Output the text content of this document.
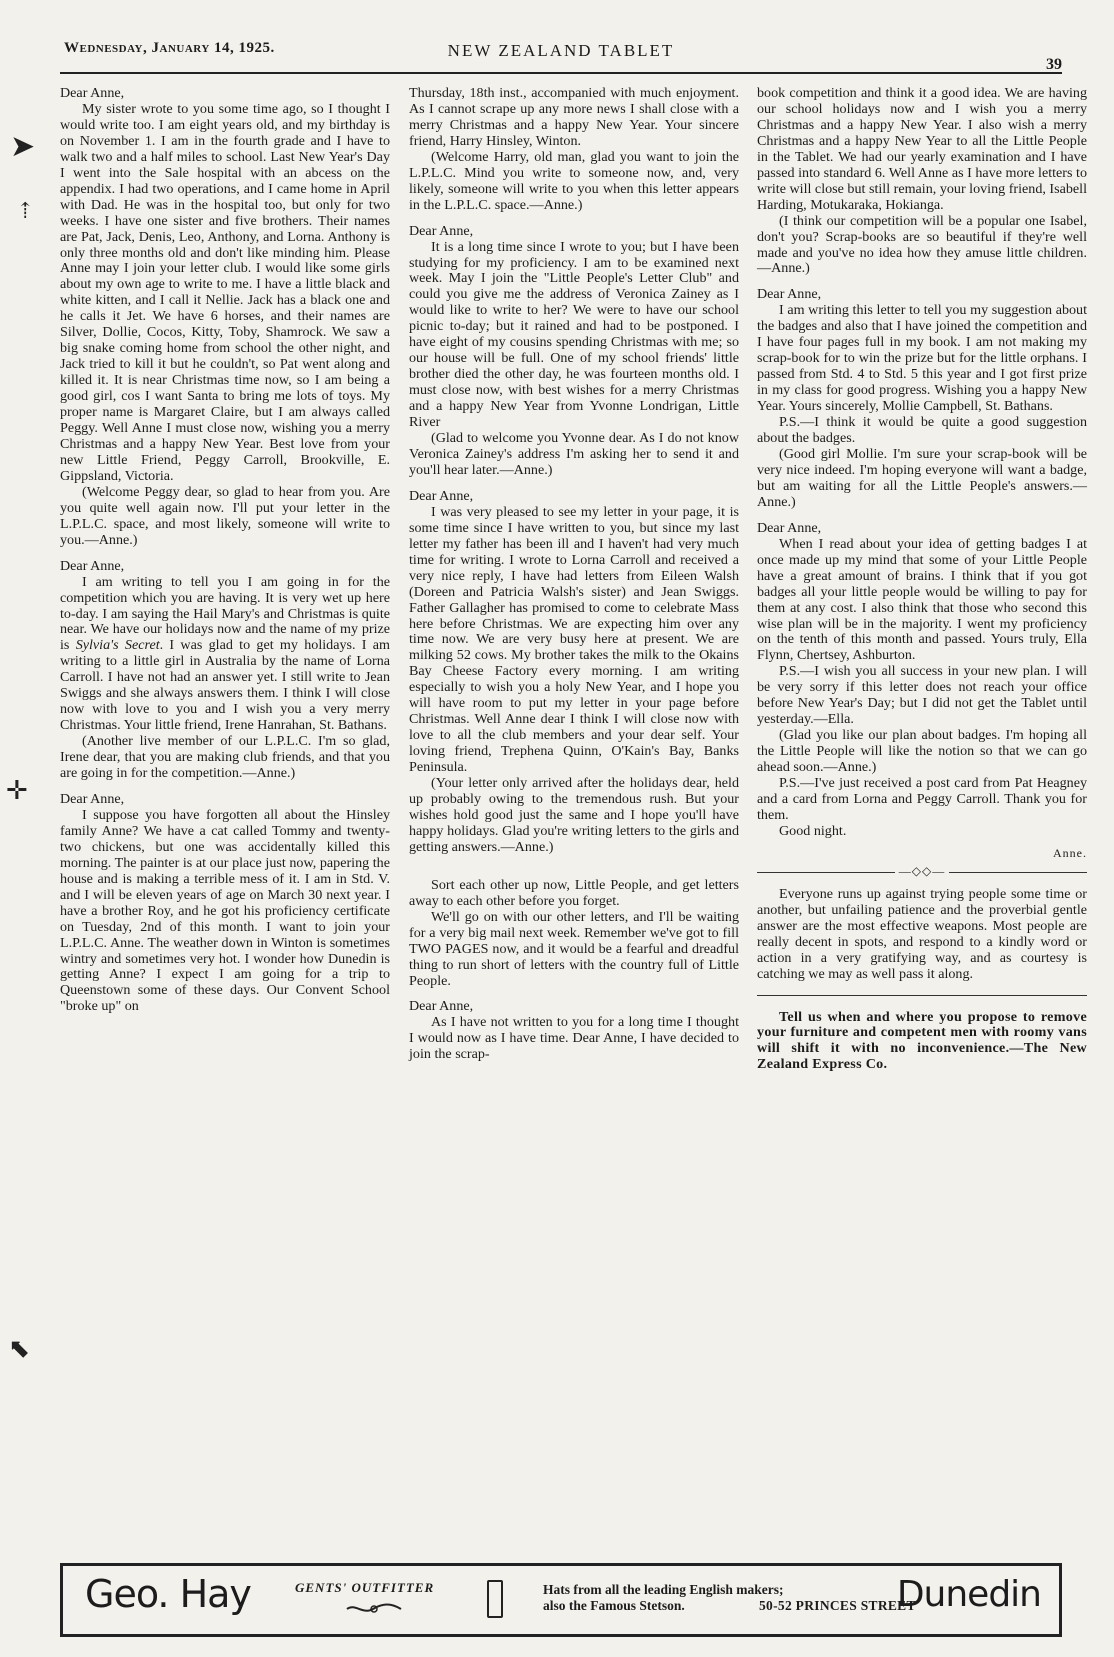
Wednesday, January 14, 1925.	NEW ZEALAND TABLET
39

Dear Anne,

My sister wrote to you some time ago, so I thought I would write too. I am eight years old, and my birthday is on November 1. I am in the fourth grade and I have to walk two and a half miles to school. Last New Year's Day I went into the Sale hospital with an abcess on the appendix. I had two operations, and I came home in April with Dad. He was in the hospital too, but only for two weeks. I have one sister and five brothers. Their names are Pat, Jack, Denis, Leo, Anthony, and Lorna. Anthony is only three months old and don't like minding him. Please Anne may I join your letter club. I would like some girls about my own age to write to me. I have a little black and white kitten, and I call it Nellie. Jack has a black one and he calls it Jet. We have 6 horses, and their names are Silver, Dollie, Cocos, Kitty, Toby, Shamrock. We saw a big snake coming home from school the other night, and Jack tried to kill it but he couldn't, so Pat went along and killed it. It is near Christmas time now, so I am being a good girl, cos I want Santa to bring me lots of toys. My proper name is Margaret Claire, but I am always called Peggy. Well Anne I must close now, wishing you a merry Christmas and a happy New Year. Best love from your new Little Friend, Peggy Carroll, Brookville, E. Gippsland, Victoria.

(Welcome Peggy dear, so glad to hear from you. Are you quite well again now. I'll put your letter in the L.P.L.C. space, and most likely, someone will write to you.—Anne.)

Dear Anne,

I am writing to tell you I am going in for the competition which you are having. It is very wet up here to-day. I am saying the Hail Mary's and Christmas is quite near. We have our holidays now and the name of my prize is Sylvia's Secret. I was glad to get my holidays. I am writing to a little girl in Australia by the name of Lorna Carroll. I have not had an answer yet. I still write to Jean Swiggs and she always answers them. I think I will close now with love to you and I wish you a very merry Christmas. Your little friend, Irene Hanrahan, St. Bathans.

(Another live member of our L.P.L.C. I'm so glad, Irene dear, that you are making club friends, and that you are going in for the competition.—Anne.)

Dear Anne,

I suppose you have forgotten all about the Hinsley family Anne? We have a cat called Tommy and twenty-two chickens, but one was accidentally killed this morning. The painter is at our place just now, papering the house and is making a terrible mess of it. I am in Std. V. and I will be eleven years of age on March 30 next year. I have a brother Roy, and he got his proficiency certificate on Tuesday, 2nd of this month. I want to join your L.P.L.C. Anne. The weather down in Winton is sometimes wintry and sometimes very hot. I wonder how Dunedin is getting Anne? I expect I am going for a trip to Queenstown some of these days. Our Convent School "broke up" on

Thursday, 18th inst., accompanied with much enjoyment. As I cannot scrape up any more news I shall close with a merry Christmas and a happy New Year. Your sincere friend, Harry Hinsley, Winton.

(Welcome Harry, old man, glad you want to join the L.P.L.C. Mind you write to someone now, and, very likely, someone will write to you when this letter appears in the L.P.L.C. space.—Anne.)

Dear Anne,

It is a long time since I wrote to you; but I have been studying for my proficiency. I am to be examined next week. May I join the "Little People's Letter Club" and could you give me the address of Veronica Zainey as I would like to write to her? We were to have our school picnic to-day; but it rained and had to be postponed. I have eight of my cousins spending Christmas with me; so our house will be full. One of my school friends' little brother died the other day, he was fourteen months old. I must close now, with best wishes for a merry Christmas and a happy New Year from Yvonne Londrigan, Little River

(Glad to welcome you Yvonne dear. As I do not know Veronica Zainey's address I'm asking her to send it and you'll hear later.—Anne.)

Dear Anne,

I was very pleased to see my letter in your page, it is some time since I have written to you, but since my last letter my father has been ill and I haven't had very much time for writing. I wrote to Lorna Carroll and received a very nice reply, I have had letters from Eileen Walsh (Doreen and Patricia Walsh's sister) and Jean Swiggs. Father Gallagher has promised to come to celebrate Mass here before Christmas. We are expecting him over any time now. We are very busy here at present. We are milking 52 cows. My brother takes the milk to the Okains Bay Cheese Factory every morning. I am writing especially to wish you a holy New Year, and I hope you will have room to put my letter in your page before Christmas. Well Anne dear I think I will close now with love to all the club members and your dear self. Your loving friend, Trephena Quinn, O'Kain's Bay, Banks Peninsula.

(Your letter only arrived after the holidays dear, held up probably owing to the tremendous rush. But your wishes hold good just the same and I hope you'll have happy holidays. Glad you're writing letters to the girls and getting answers.—Anne.)

Sort each other up now, Little People, and get letters away to each other before you forget.

We'll go on with our other letters, and I'll be waiting for a very big mail next week. Remember we've got to fill TWO PAGES now, and it would be a fearful and dreadful thing to run short of letters with the country full of Little People.

Dear Anne,

As I have not written to you for a long time I thought I would now as I have time. Dear Anne, I have decided to join the scrap-

book competition and think it a good idea. We are having our school holidays now and I wish you a merry Christmas and a happy New Year. I also wish a merry Christmas and a happy New Year to all the Little People in the Tablet. We had our yearly examination and I have passed into standard 6. Well Anne as I have more letters to write will close but still remain, your loving friend, Isabell Harding, Motukaraka, Hokianga.

(I think our competition will be a popular one Isabel, don't you? Scrap-books are so beautiful if they're well made and you've no idea how they amuse little children.—Anne.)

Dear Anne,

I am writing this letter to tell you my suggestion about the badges and also that I have joined the competition and I have four pages full in my book. I am not making my scrap-book for to win the prize but for the little orphans. I passed from Std. 4 to Std. 5 this year and I got first prize in my class for good progress. Wishing you a happy New Year. Yours sincerely, Mollie Campbell, St. Bathans.

P.S.—I think it would be quite a good suggestion about the badges.

(Good girl Mollie. I'm sure your scrap-book will be very nice indeed. I'm hoping everyone will want a badge, but am waiting for all the Little People's answers.—Anne.)

Dear Anne,

When I read about your idea of getting badges I at once made up my mind that some of your Little People have a great amount of brains. I think that if you got badges all your little people would be willing to pay for them at any cost. I also think that those who second this wise plan will be in the majority. I went my proficiency on the tenth of this month and passed. Yours truly, Ella Flynn, Chertsey, Ashburton.

P.S.—I wish you all success in your new plan. I will be very sorry if this letter does not reach your office before New Year's Day; but I did not get the Tablet until yesterday.—Ella.

(Glad you like our plan about badges. I'm hoping all the Little People will like the notion so that we can go ahead soon.—Anne.)

P.S.—I've just received a post card from Pat Heagney and a card from Lorna and Peggy Carroll. Thank you for them.

Good night.

Anne.

—◇◇—

Everyone runs up against trying people some time or another, but unfailing patience and the proverbial gentle answer are the most effective weapons. Most people are really decent in spots, and respond to a kindly word or action in a very gratifying way, and as courtesy is catching we may as well pass it along.

Tell us when and where you propose to remove your furniture and competent men with roomy vans will shift it with no inconvenience.—The New Zealand Express Co.

Geo. Hay	GENTS' OUTFITTER	Hats from all the leading English makers;
also the Famous Stetson.	50-52 PRINCES STREET
Dunedin
➤
⇡
✛
⬉
